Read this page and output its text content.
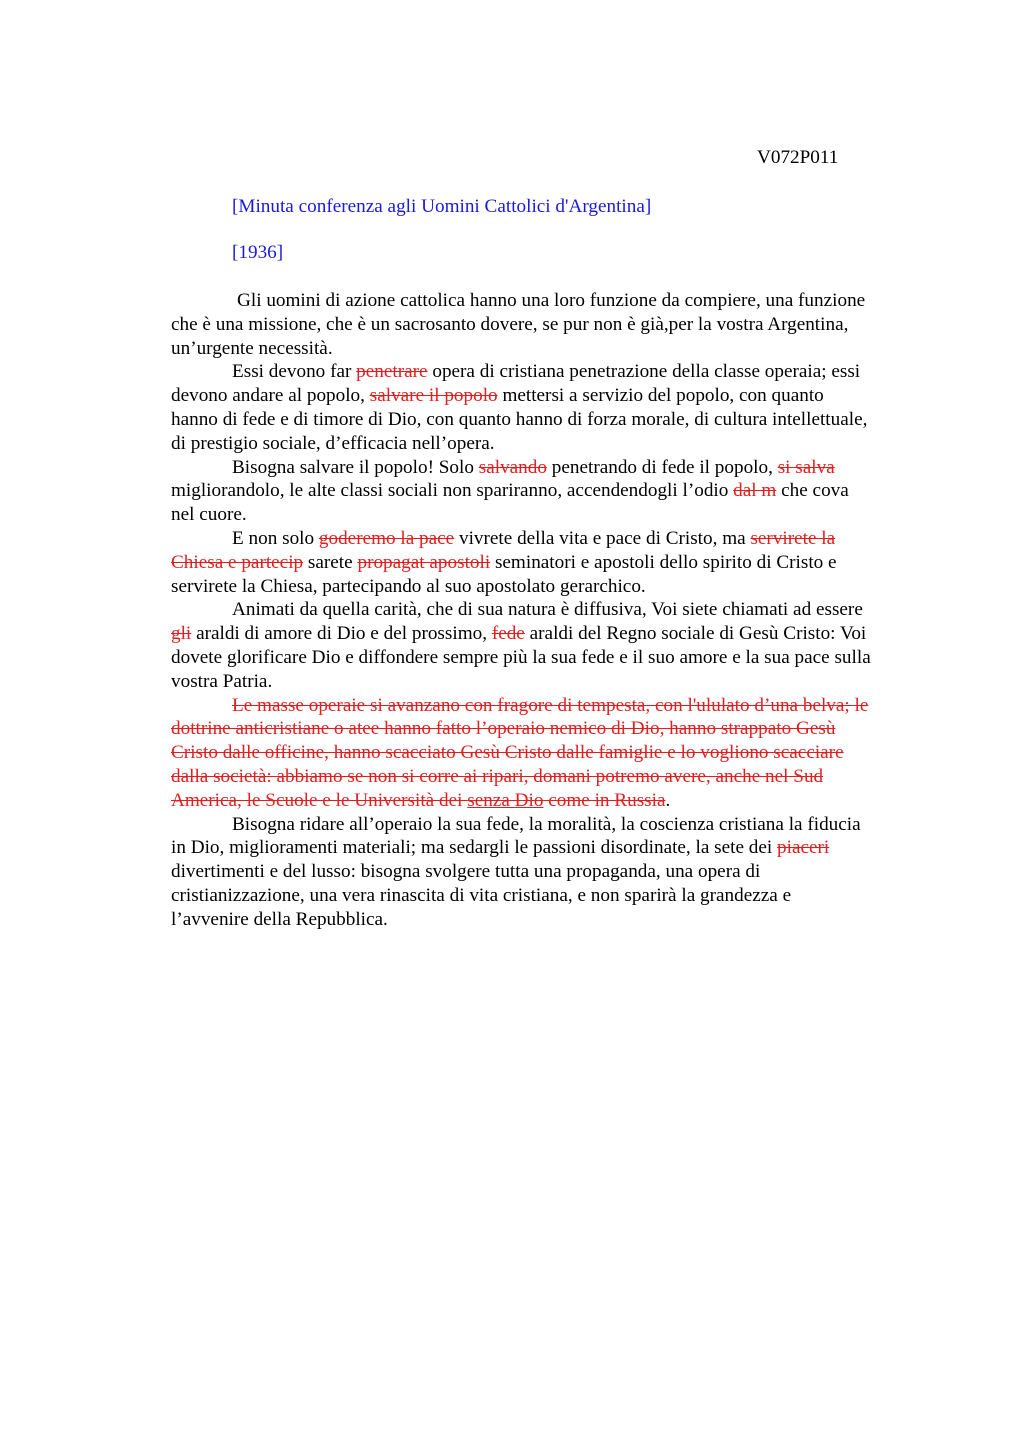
V072P011
[Minuta conferenza agli Uomini Cattolici d'Argentina]
[1936]
Gli uomini di azione cattolica hanno una loro funzione da compiere, una funzione
che è una missione, che è un sacrosanto dovere, se pur non è già,per la vostra Argentina,
un’urgente necessità.
Essi devono far penetrare opera di cristiana penetrazione della classe operaia; essi
devono andare al popolo, salvare il popolo mettersi a servizio del popolo, con quanto
hanno di fede e di timore di Dio, con quanto hanno di forza morale, di cultura intellettuale,
di prestigio sociale, d’efficacia nell’opera.
Bisogna salvare il popolo! Solo salvando penetrando di fede il popolo, si salva
migliorandolo, le alte classi sociali non spariranno, accendendogli l’odio dal m che cova
nel cuore.
E non solo goderemo la pace vivrete della vita e pace di Cristo, ma servirete la
Chiesa e partecip sarete propagat apostoli seminatori e apostoli dello spirito di Cristo e
servirete la Chiesa, partecipando al suo apostolato gerarchico.
Animati da quella carità, che di sua natura è diffusiva, Voi siete chiamati ad essere
gli araldi di amore di Dio e del prossimo, fede araldi del Regno sociale di Gesù Cristo: Voi
dovete glorificare Dio e diffondere sempre più la sua fede e il suo amore e la sua pace sulla
vostra Patria.
Le masse operaie si avanzano con fragore di tempesta, con l'ululato d’una belva; le
dottrine anticristiane o atee hanno fatto l’operaio nemico di Dio, hanno strappato Gesù
Cristo dalle officine, hanno scacciato Gesù Cristo dalle famiglie e lo vogliono scacciare
dalla società: abbiamo se non si corre ai ripari, domani potremo avere, anche nel Sud
America, le Scuole e le Università dei senza Dio come in Russia.
Bisogna ridare all’operaio la sua fede, la moralità, la coscienza cristiana la fiducia
in Dio, miglioramenti materiali; ma sedargli le passioni disordinate, la sete dei piaceri
divertimenti e del lusso: bisogna svolgere tutta una propaganda, una opera di
cristianizzazione, una vera rinascita di vita cristiana, e non sparirà la grandezza e
l’avvenire della Repubblica.
